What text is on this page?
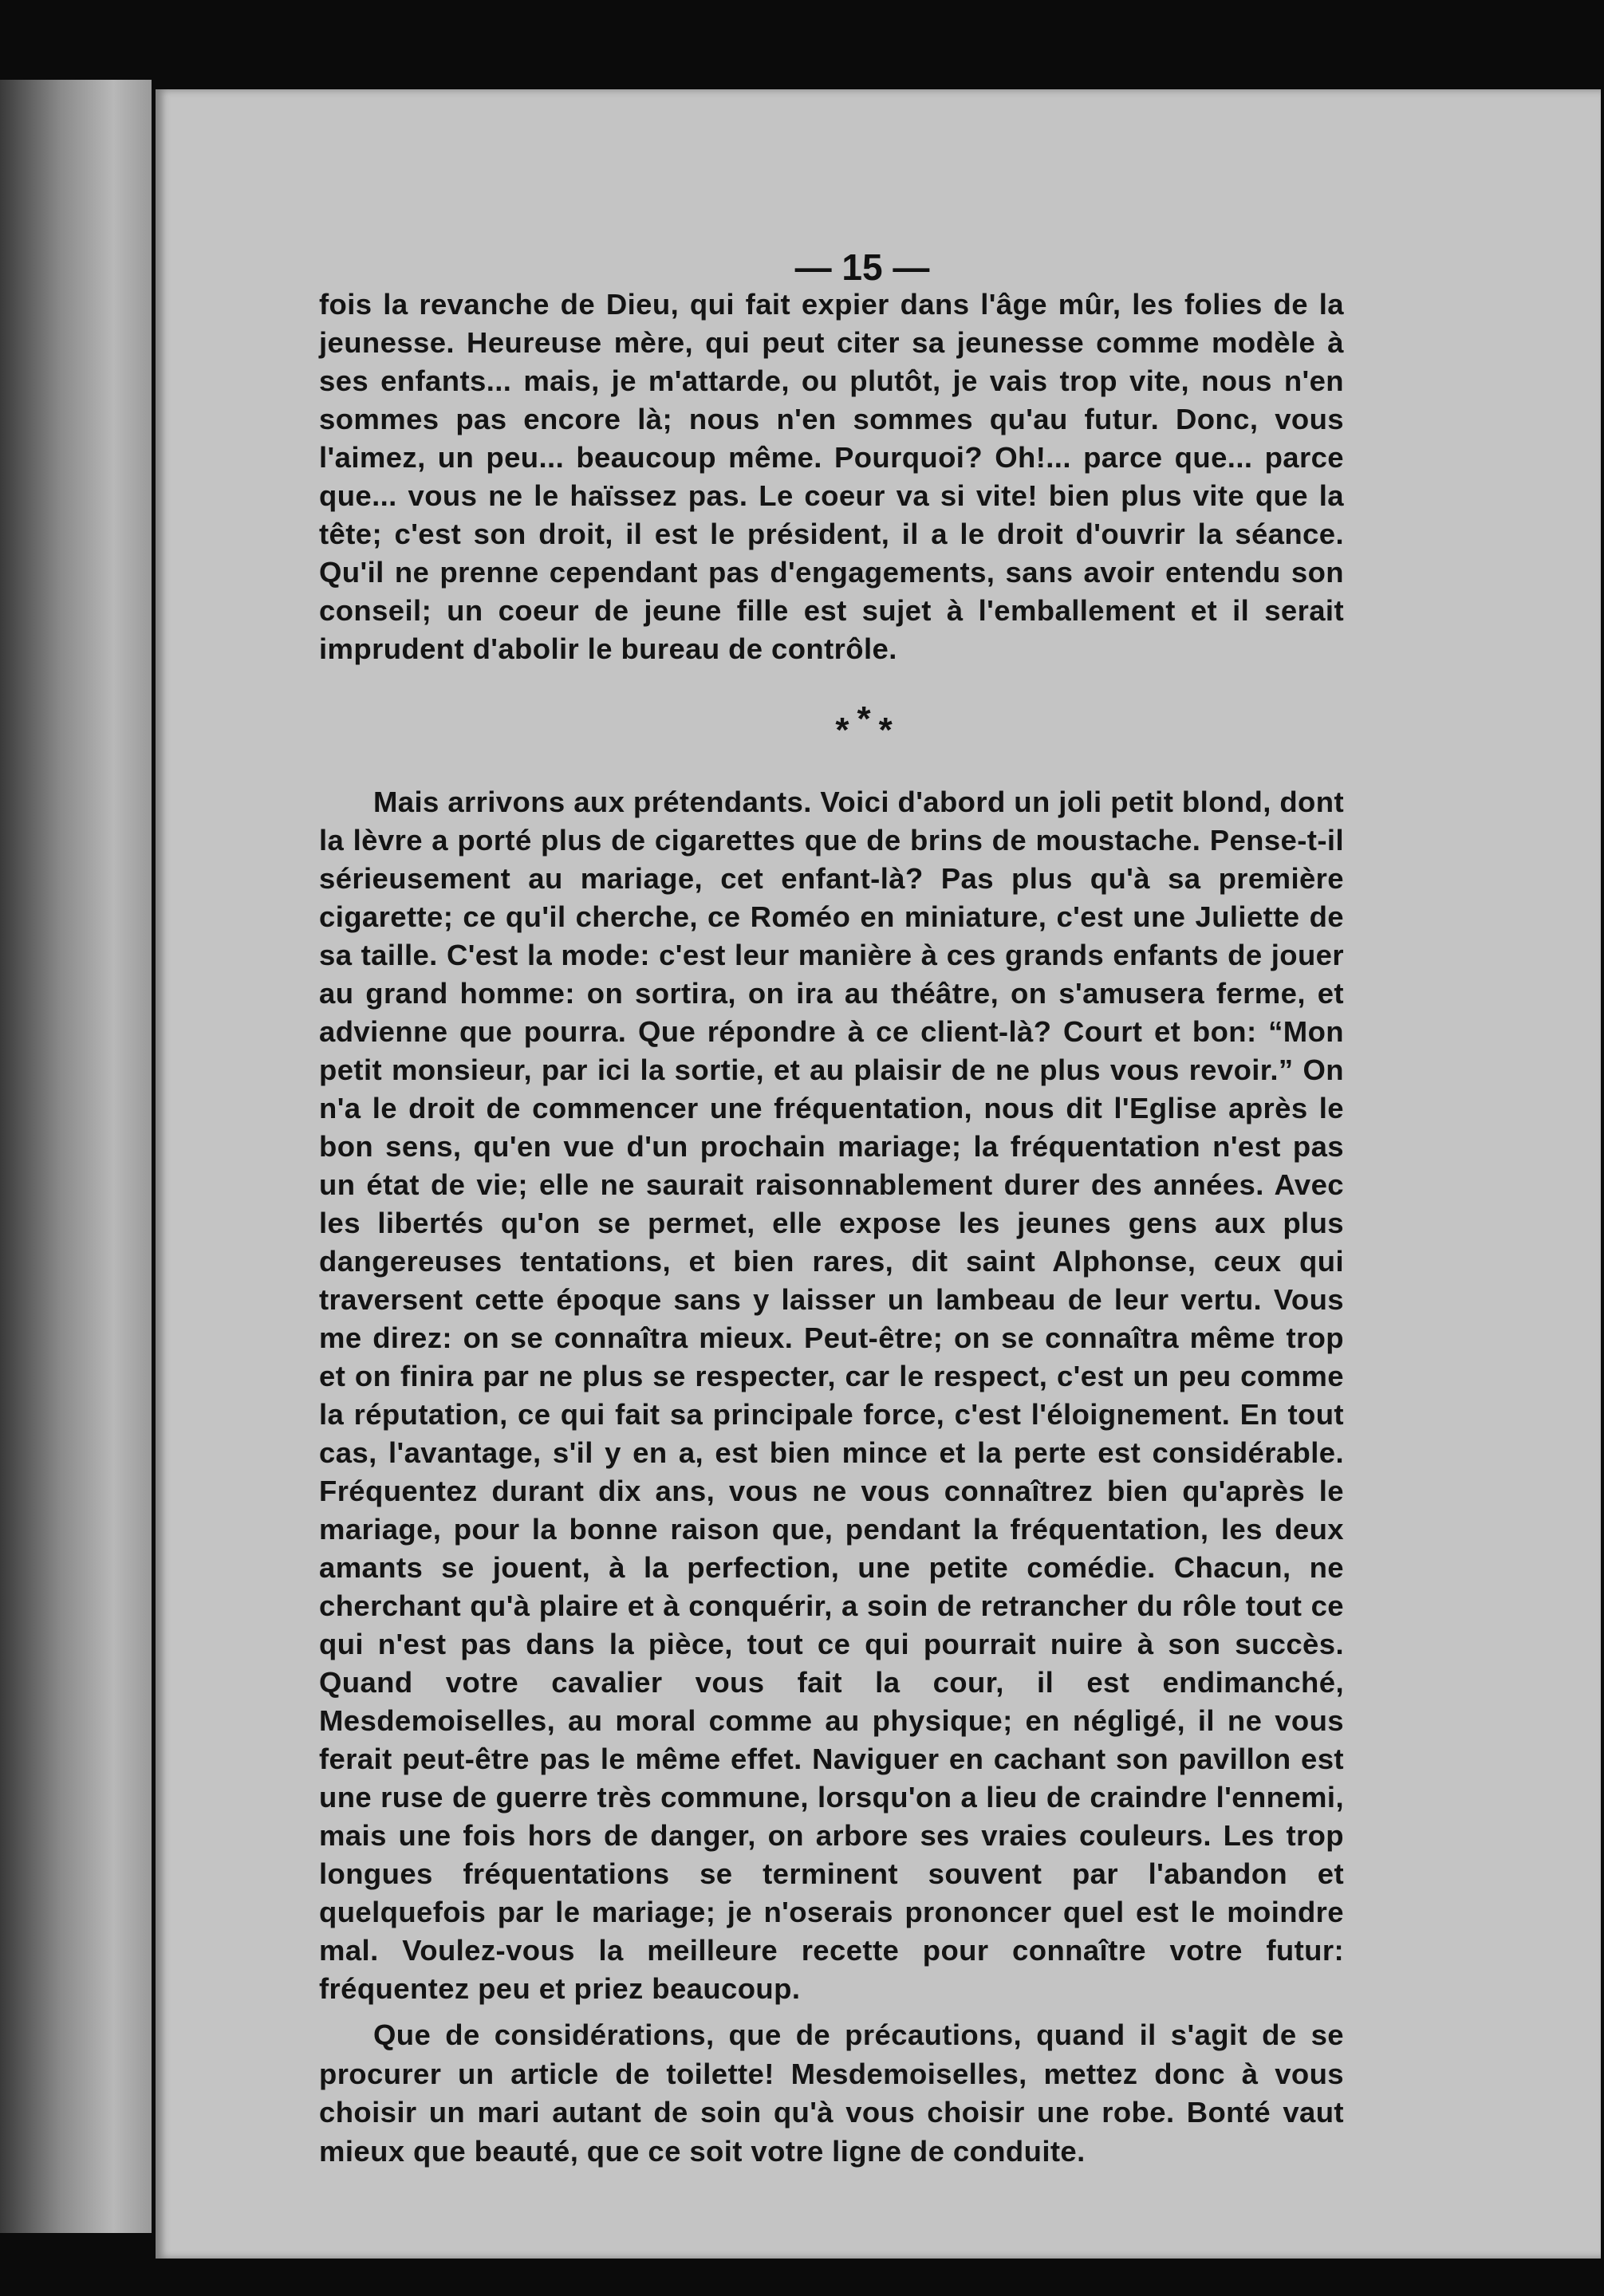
— 15 —
fois la revanche de Dieu, qui fait expier dans l'âge mûr, les folies de la jeunesse. Heureuse mère, qui peut citer sa jeunesse comme modèle à ses enfants... mais, je m'attarde, ou plutôt, je vais trop vite, nous n'en sommes pas encore là; nous n'en sommes qu'au futur. Donc, vous l'aimez, un peu... beaucoup même. Pourquoi? Oh!... parce que... parce que... vous ne le haïssez pas. Le coeur va si vite! bien plus vite que la tête; c'est son droit, il est le président, il a le droit d'ouvrir la séance. Qu'il ne prenne cependant pas d'engagements, sans avoir entendu son conseil; un coeur de jeune fille est sujet à l'emballement et il serait imprudent d'abolir le bureau de contrôle.
* * *

Mais arrivons aux prétendants. Voici d'abord un joli petit blond, dont la lèvre a porté plus de cigarettes que de brins de moustache. Pense-t-il sérieusement au mariage, cet enfant-là? Pas plus qu'à sa première cigarette; ce qu'il cherche, ce Roméo en miniature, c'est une Juliette de sa taille. C'est la mode: c'est leur manière à ces grands enfants de jouer au grand homme: on sortira, on ira au théâtre, on s'amusera ferme, et advienne que pourra. Que répondre à ce client-là? Court et bon: “Mon petit monsieur, par ici la sortie, et au plaisir de ne plus vous revoir.” On n'a le droit de commencer une fréquentation, nous dit l'Eglise après le bon sens, qu'en vue d'un prochain mariage; la fréquentation n'est pas un état de vie; elle ne saurait raisonnablement durer des années. Avec les libertés qu'on se permet, elle expose les jeunes gens aux plus dangereuses tentations, et bien rares, dit saint Alphonse, ceux qui traversent cette époque sans y laisser un lambeau de leur vertu. Vous me direz: on se connaîtra mieux. Peut-être; on se connaîtra même trop et on finira par ne plus se respecter, car le respect, c'est un peu comme la réputation, ce qui fait sa principale force, c'est l'éloignement. En tout cas, l'avantage, s'il y en a, est bien mince et la perte est considérable. Fréquentez durant dix ans, vous ne vous connaîtrez bien qu'après le mariage, pour la bonne raison que, pendant la fréquentation, les deux amants se jouent, à la perfection, une petite comédie. Chacun, ne cherchant qu'à plaire et à conquérir, a soin de retrancher du rôle tout ce qui n'est pas dans la pièce, tout ce qui pourrait nuire à son succès. Quand votre cavalier vous fait la cour, il est endimanché, Mesdemoiselles, au moral comme au physique; en négligé, il ne vous ferait peut-être pas le même effet. Naviguer en cachant son pavillon est une ruse de guerre très commune, lorsqu'on a lieu de craindre l'ennemi, mais une fois hors de danger, on arbore ses vraies couleurs. Les trop longues fréquentations se terminent souvent par l'abandon et quelquefois par le mariage; je n'oserais prononcer quel est le moindre mal. Voulez-vous la meilleure recette pour connaître votre futur: fréquentez peu et priez beaucoup.

Que de considérations, que de précautions, quand il s'agit de se procurer un article de toilette! Mesdemoiselles, mettez donc à vous choisir un mari autant de soin qu'à vous choisir une robe. Bonté vaut mieux que beauté, que ce soit votre ligne de conduite.
